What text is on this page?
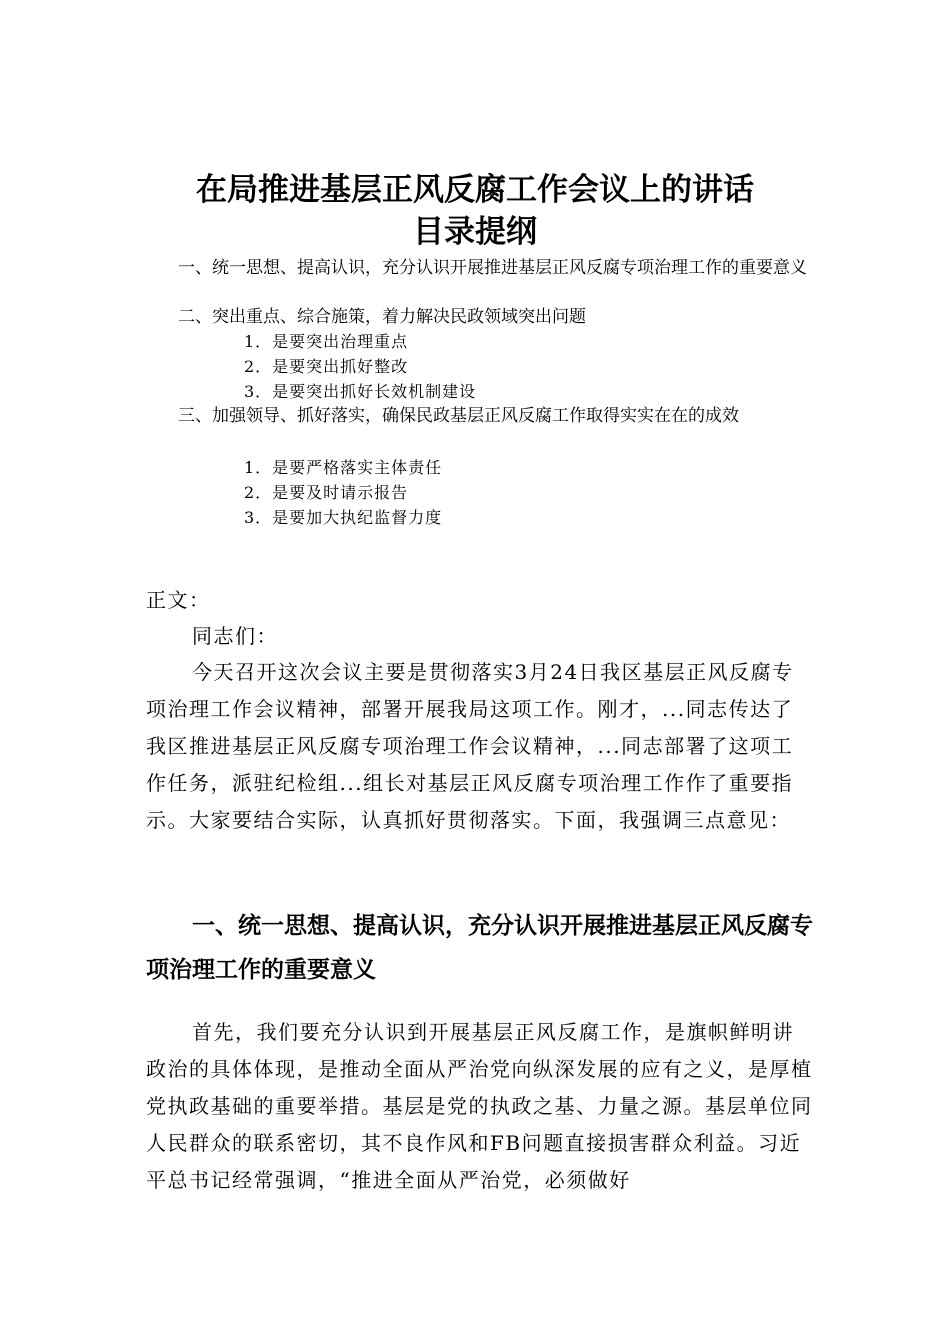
在局推进基层正风反腐工作会议上的讲话
目录提纲

一、统一思想、提高认识，充分认识开展推进基层正风反腐专项治理工作的重要意义

二、突出重点、综合施策，着力解决民政领域突出问题

1．是要突出治理重点

2．是要突出抓好整改

3．是要突出抓好长效机制建设

三、加强领导、抓好落实，确保民政基层正风反腐工作取得实实在在的成效

1．是要严格落实主体责任

2．是要及时请示报告

3．是要加大执纪监督力度

正文：

同志们：

今天召开这次会议主要是贯彻落实3月24日我区基层正风反腐专项治理工作会议精神，部署开展我局这项工作。刚才，...同志传达了我区推进基层正风反腐专项治理工作会议精神，...同志部署了这项工作任务，派驻纪检组...组长对基层正风反腐专项治理工作作了重要指示。大家要结合实际，认真抓好贯彻落实。下面，我强调三点意见：

一、统一思想、提高认识，充分认识开展推进基层正风反腐专项治理工作的重要意义

首先，我们要充分认识到开展基层正风反腐工作，是旗帜鲜明讲政治的具体体现，是推动全面从严治党向纵深发展的应有之义，是厚植党执政基础的重要举措。基层是党的执政之基、力量之源。基层单位同人民群众的联系密切，其不良作风和FB问题直接损害群众利益。习近平总书记经常强调，“推进全面从严治党，必须做好
